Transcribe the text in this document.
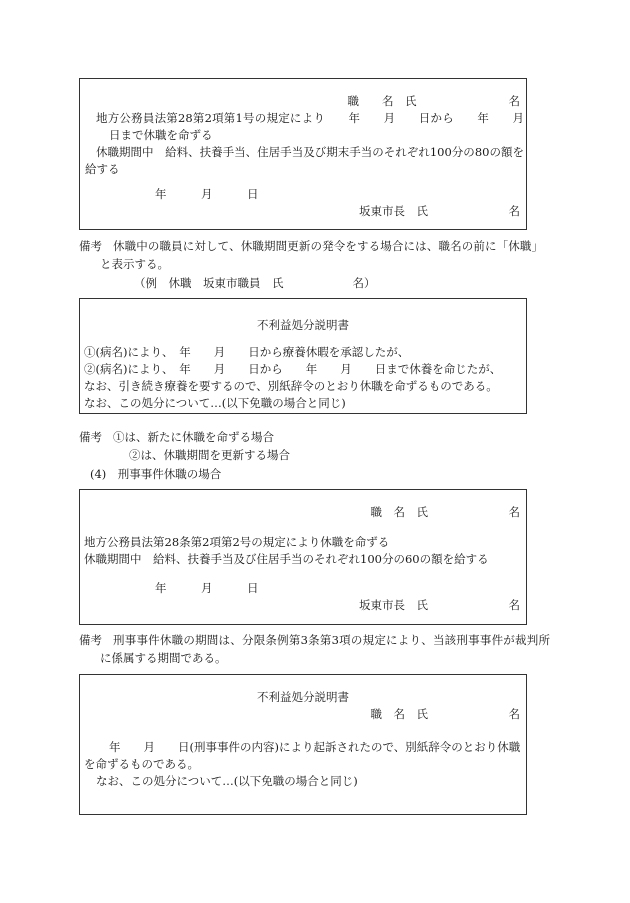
職　　名　氏　　　　　　　　名
地方公務員法第28第2項第1号の規定により　　年　　月　　日から　　年　　月
日まで休職を命ずる
休職期間中　給料、扶養手当、住居手当及び期末手当のそれぞれ100分の80の額を
給する
年　　　月　　　日
坂東市長　氏　　　　　　　名
備考 休職中の職員に対して、休職期間更新の発令をする場合には、職名の前に「休職」
と表示する。
（例　休職　坂東市職員　氏　　　　　　名）
不利益処分説明書
①(病名)により、　年　　月　　日から療養休暇を承認したが、
②(病名)により、　年　　月　　日から　　年　　月　　日まで休養を命じたが、
なお、引き続き療養を要するので、別紙辞令のとおり休職を命ずるものである。
なお、この処分について…(以下免職の場合と同じ)
備考 ①は、新たに休職を命ずる場合
②は、休職期間を更新する場合
(4)　刑事事件休職の場合
職　名　氏　　　　　　　名
地方公務員法第28条第2項第2号の規定により休職を命ずる
休職期間中　給料、扶養手当及び住居手当のそれぞれ100分の60の額を給する
年　　　月　　　日
坂東市長　氏　　　　　　　名
備考 刑事事件休職の期間は、分限条例第3条第3項の規定により、当該刑事事件が裁判所
に係属する期間である。
不利益処分説明書
職　名　氏　　　　　　　名
年　　月　　日(刑事事件の内容)により起訴されたので、別紙辞令のとおり休職
を命ずるものである。
なお、この処分について…(以下免職の場合と同じ)
